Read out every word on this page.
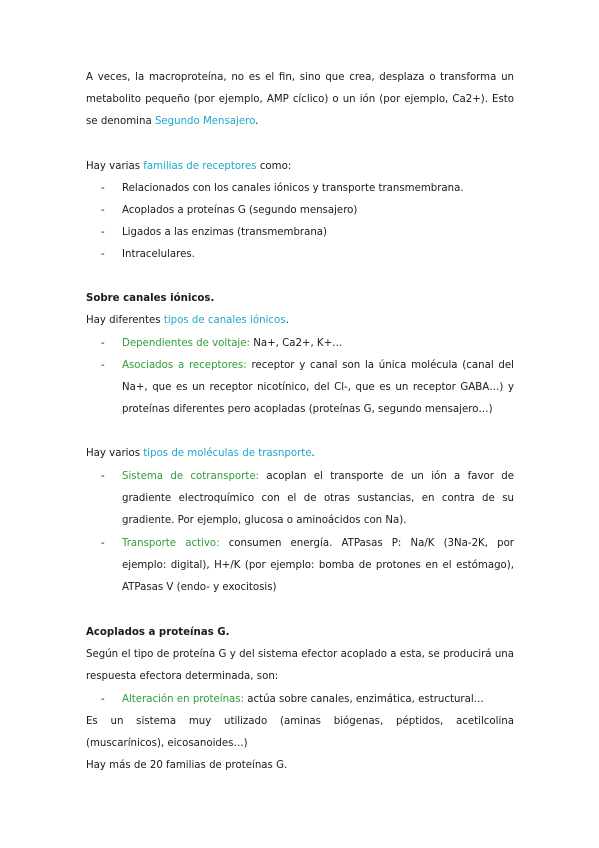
A veces, la macroproteína, no es el fin, sino que crea, desplaza o transforma un metabolito pequeño (por ejemplo, AMP cíclico) o un ión (por ejemplo, Ca2+). Esto se denomina Segundo Mensajero.

Hay varias familias de receptores como:

- Relacionados con los canales iónicos y transporte transmembrana.

- Acoplados a proteínas G (segundo mensajero)

- Ligados a las enzimas (transmembrana)

- Intracelulares.

Sobre canales iónicos.

Hay diferentes tipos de canales iónicos.

- Dependientes de voltaje: Na+, Ca2+, K+…

- Asociados a receptores: receptor y canal son la única molécula (canal del Na+, que es un receptor nicotínico, del Cl-, que es un receptor GABA…) y proteínas diferentes pero acopladas (proteínas G, segundo mensajero…)

Hay varios tipos de moléculas de trasnporte.

- Sistema de cotransporte: acoplan el transporte de un ión a favor de gradiente electroquímico con el de otras sustancias, en contra de su gradiente. Por ejemplo, glucosa o aminoácidos con Na).

- Transporte activo: consumen energía. ATPasas P: Na/K (3Na-2K, por ejemplo: digital), H+/K (por ejemplo: bomba de protones en el estómago), ATPasas V (endo- y exocitosis)

Acoplados a proteínas G.

Según el tipo de proteína G y del sistema efector acoplado a esta, se producirá una respuesta efectora determinada, son:

- Alteración en proteínas: actúa sobre canales, enzimática, estructural…

Es un sistema muy utilizado (aminas biógenas, péptidos, acetilcolina (muscarínicos), eicosanoides…)

Hay más de 20 familias de proteínas G.
